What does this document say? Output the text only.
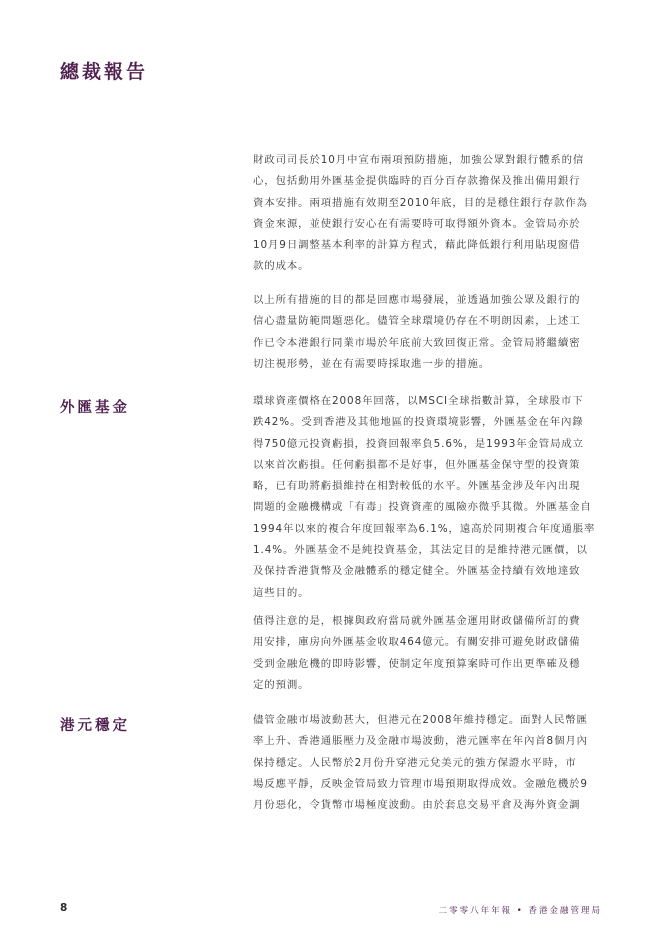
總裁報告
財政司司長於10月中宣布兩項預防措施，加強公眾對銀行體系的信
心，包括動用外匯基金提供臨時的百分百存款擔保及推出備用銀行
資本安排。兩項措施有效期至2010年底，目的是穩住銀行存款作為
資金來源，並使銀行安心在有需要時可取得額外資本。金管局亦於
10月9日調整基本利率的計算方程式，藉此降低銀行利用貼現窗借
款的成本。
以上所有措施的目的都是回應市場發展，並透過加強公眾及銀行的
信心盡量防範問題惡化。儘管全球環境仍存在不明朗因素，上述工
作已令本港銀行同業市場於年底前大致回復正常。金管局將繼續密
切注視形勢，並在有需要時採取進一步的措施。
外匯基金	環球資產價格在2008年回落，以MSCI全球指數計算，全球股市下
跌42%。受到香港及其他地區的投資環境影響，外匯基金在年內錄
得750億元投資虧損，投資回報率負5.6%，是1993年金管局成立
以來首次虧損。任何虧損都不是好事，但外匯基金保守型的投資策
略，已有助將虧損維持在相對較低的水平。外匯基金涉及年內出現
問題的金融機構或「有毒」投資資產的風險亦微乎其微。外匯基金自
1994年以來的複合年度回報率為6.1%，遠高於同期複合年度通脹率
1.4%。外匯基金不是純投資基金，其法定目的是維持港元匯價，以
及保持香港貨幣及金融體系的穩定健全。外匯基金持續有效地達致
這些目的。
值得注意的是，根據與政府當局就外匯基金運用財政儲備所訂的費
用安排，庫房向外匯基金收取464億元。有關安排可避免財政儲備
受到金融危機的即時影響，使制定年度預算案時可作出更準確及穩
定的預測。
港元穩定	儘管金融市場波動甚大，但港元在2008年維持穩定。面對人民幣匯
率上升、香港通脹壓力及金融市場波動，港元匯率在年內首8個月內
保持穩定。人民幣於2月份升穿港元兌美元的強方保證水平時，市
場反應平靜，反映金管局致力管理市場預期取得成效。金融危機於9
月份惡化，令貨幣市場極度波動。由於套息交易平倉及海外資金調
8	二零零八年年報 • 香港金融管理局
